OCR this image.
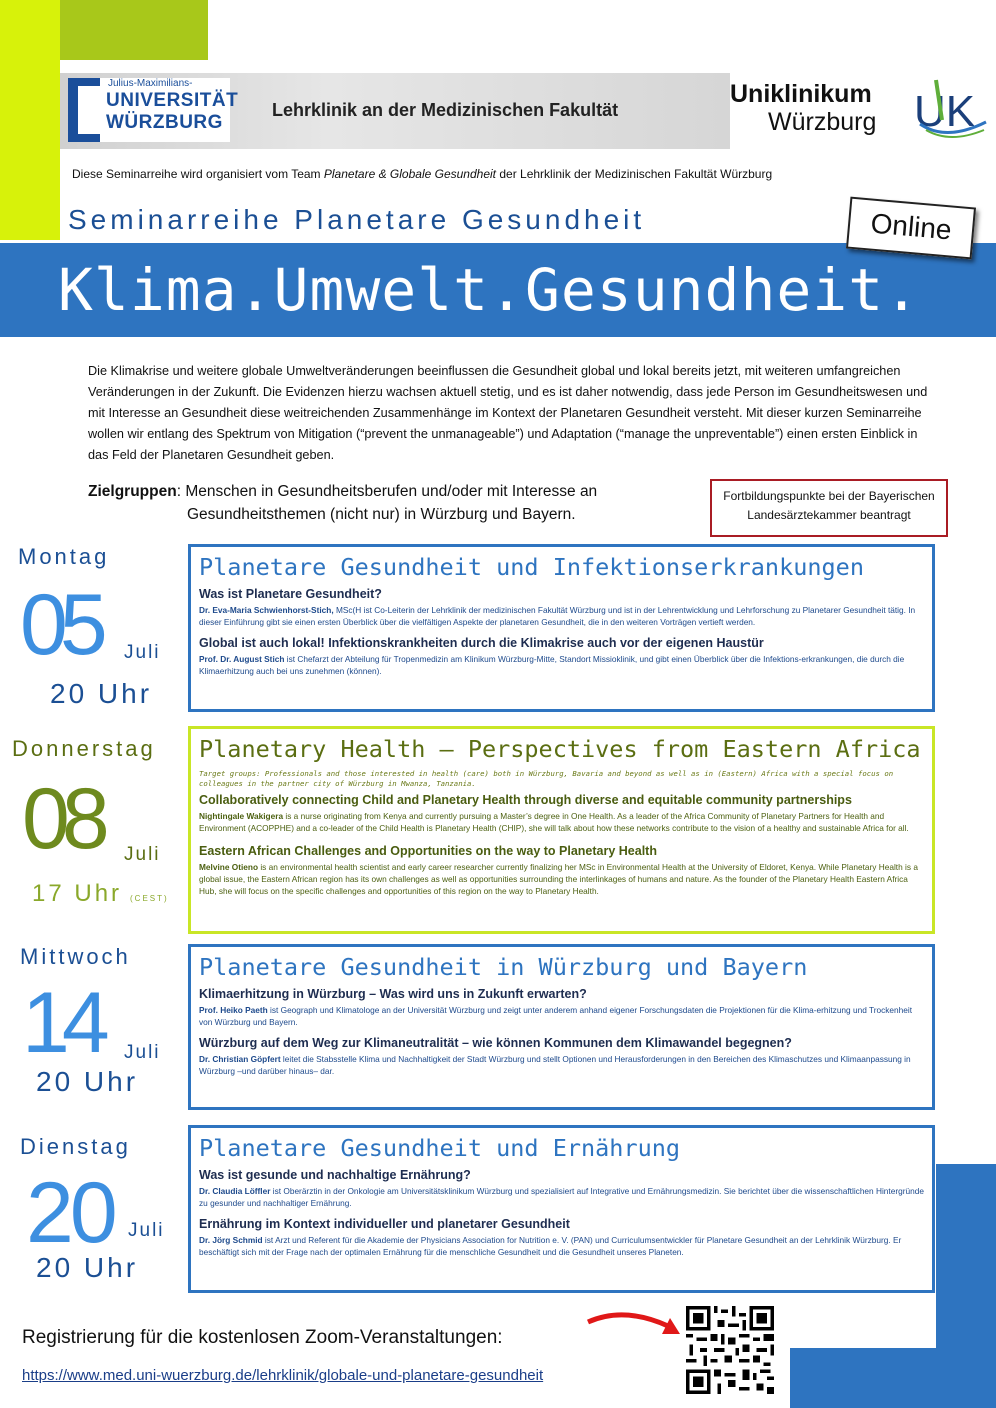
Julius-Maximilians-
UNIVERSITÄT
WÜRZBURG
Lehrklinik an der Medizinischen Fakultät
Uniklinikum
Würzburg UK
Diese Seminarreihe wird organisiert vom Team Planetare & Globale Gesundheit der Lehrklinik der Medizinischen Fakultät Würzburg
Seminarreihe Planetare Gesundheit
Klima.Umwelt.Gesundheit.
Online
Die Klimakrise und weitere globale Umweltveränderungen beeinflussen die Gesundheit global und lokal bereits jetzt, mit weiteren umfangreichen Veränderungen in der Zukunft. Die Evidenzen hierzu wachsen aktuell stetig, und es ist daher notwendig, dass jede Person im Gesundheitswesen und mit Interesse an Gesundheit diese weitreichenden Zusammenhänge im Kontext der Planetaren Gesundheit versteht. Mit dieser kurzen Seminarreihe wollen wir entlang des Spektrum von Mitigation (“prevent the unmanageable”) und Adaptation (“manage the unpreventable”) einen ersten Einblick in das Feld der Planetaren Gesundheit geben.
Zielgruppen: Menschen in Gesundheitsberufen und/oder mit Interesse an
Gesundheitsthemen (nicht nur) in Würzburg und Bayern.
Fortbildungspunkte bei der Bayerischen Landesärztekammer beantragt
Montag
05 Juli
20 Uhr
Planetare Gesundheit und Infektionserkrankungen
Was ist Planetare Gesundheit?

Dr. Eva-Maria Schwienhorst-Stich, MSc(H ist Co-Leiterin der Lehrklinik der medizinischen Fakultät Würzburg und ist in der Lehrentwicklung und Lehrforschung zu Planetarer Gesundheit tätig. In dieser Einführung gibt sie einen ersten Überblick über die vielfältigen Aspekte der planetaren Gesundheit, die in den weiteren Vorträgen vertieft werden.

Global ist auch lokal! Infektionskrankheiten durch die Klimakrise auch vor der eigenen Haustür

Prof. Dr. August Stich ist Chefarzt der Abteilung für Tropenmedizin am Klinikum Würzburg-Mitte, Standort Missioklinik, und gibt einen Überblick über die Infektions-erkrankungen, die durch die Klimaerhitzung auch bei uns zunehmen (können).

Donnerstag
08 Juli
17 Uhr (CEST)
Planetary Health – Perspectives from Eastern Africa
Target groups: Professionals and those interested in health (care) both in Würzburg, Bavaria and beyond as well as in (Eastern) Africa with a special focus on colleagues in the partner city of Würzburg in Mwanza, Tanzania.
Collaboratively connecting Child and Planetary Health through diverse and equitable community partnerships

Nightingale Wakigera is a nurse originating from Kenya and currently pursuing a Master’s degree in One Health. As a leader of the Africa Community of Planetary Partners for Health and Environment (ACOPPHE) and a co-leader of the Child Health is Planetary Health (CHIP), she will talk about how these networks contribute to the vision of a healthy and sustainable Africa for all.

Eastern African Challenges and Opportunities on the way to Planetary Health

Melvine Otieno is an environmental health scientist and early career researcher currently finalizing her MSc in Environmental Health at the University of Eldoret, Kenya. While Planetary Health is a global issue, the Eastern African region has its own challenges as well as opportunities surrounding the interlinkages of humans and nature. As the founder of the Planetary Health Eastern Africa Hub, she will focus on the specific challenges and opportunities of this region on the way to Planetary Health.

Mittwoch
14 Juli
20 Uhr
Planetare Gesundheit in Würzburg und Bayern
Klimaerhitzung in Würzburg – Was wird uns in Zukunft erwarten?

Prof. Heiko Paeth ist Geograph und Klimatologe an der Universität Würzburg und zeigt unter anderem anhand eigener Forschungsdaten die Projektionen für die Klima-erhitzung und Trockenheit von Würzburg und Bayern.

Würzburg auf dem Weg zur Klimaneutralität – wie können Kommunen dem Klimawandel begegnen?

Dr. Christian Göpfert leitet die Stabsstelle Klima und Nachhaltigkeit der Stadt Würzburg und stellt Optionen und Herausforderungen in den Bereichen des Klimaschutzes und Klimaanpassung in Würzburg –und darüber hinaus– dar.

Dienstag
20 Juli
20 Uhr
Planetare Gesundheit und Ernährung
Was ist gesunde und nachhaltige Ernährung?

Dr. Claudia Löffler ist Oberärztin in der Onkologie am Universitätsklinikum Würzburg und spezialisiert auf Integrative und Ernährungsmedizin. Sie berichtet über die wissenschaftlichen Hintergründe zu gesunder und nachhaltiger Ernährung.

Ernährung im Kontext individueller und planetarer Gesundheit

Dr. Jörg Schmid ist Arzt und Referent für die Akademie der Physicians Association for Nutrition e. V. (PAN) und Curriculumsentwickler für Planetare Gesundheit an der Lehrklinik Würzburg. Er beschäftigt sich mit der Frage nach der optimalen Ernährung für die menschliche Gesundheit und die Gesundheit unseres Planeten.

Registrierung für die kostenlosen Zoom-Veranstaltungen:
https://www.med.uni-wuerzburg.de/lehrklinik/globale-und-planetare-gesundheit
